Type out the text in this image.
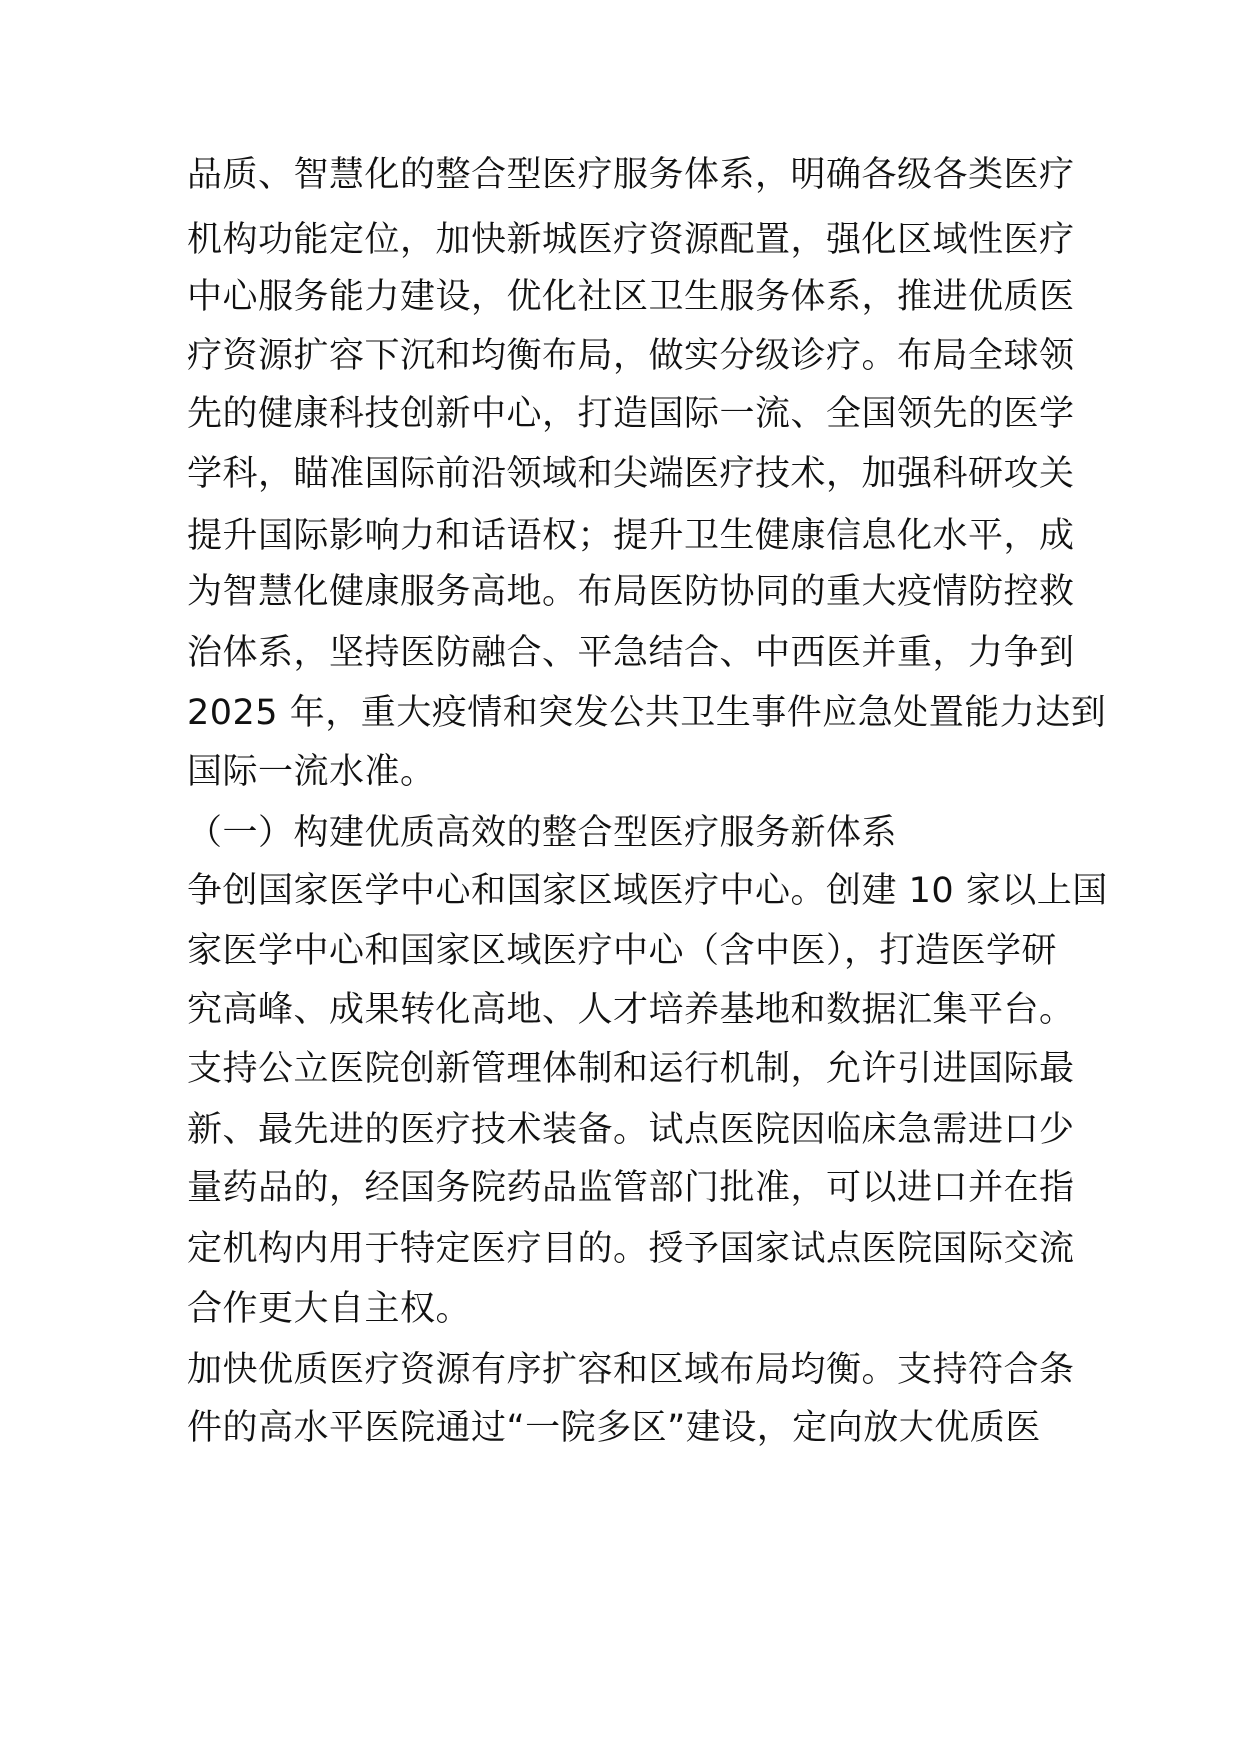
品质、智慧化的整合型医疗服务体系，明确各级各类医疗
机构功能定位，加快新城医疗资源配置，强化区域性医疗
中心服务能力建设，优化社区卫生服务体系，推进优质医
疗资源扩容下沉和均衡布局，做实分级诊疗。布局全球领
先的健康科技创新中心，打造国际一流、全国领先的医学
学科，瞄准国际前沿领域和尖端医疗技术，加强科研攻关
提升国际影响力和话语权；提升卫生健康信息化水平，成
为智慧化健康服务高地。布局医防协同的重大疫情防控救
治体系，坚持医防融合、平急结合、中西医并重，力争到
2025 年，重大疫情和突发公共卫生事件应急处置能力达到
国际一流水准。
（一）构建优质高效的整合型医疗服务新体系
争创国家医学中心和国家区域医疗中心。创建 10 家以上国
家医学中心和国家区域医疗中心（含中医），打造医学研
究高峰、成果转化高地、人才培养基地和数据汇集平台。
支持公立医院创新管理体制和运行机制，允许引进国际最
新、最先进的医疗技术装备。试点医院因临床急需进口少
量药品的，经国务院药品监管部门批准，可以进口并在指
定机构内用于特定医疗目的。授予国家试点医院国际交流
合作更大自主权。
加快优质医疗资源有序扩容和区域布局均衡。支持符合条
件的高水平医院通过“一院多区”建设，定向放大优质医
